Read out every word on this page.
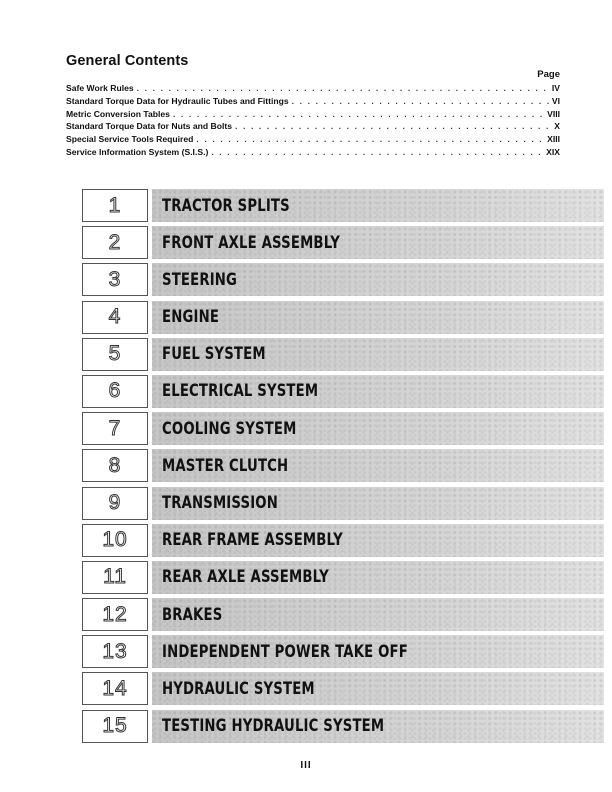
General Contents
Page
Safe Work Rules . . .	IV
Standard Torque Data for Hydraulic Tubes and Fittings . . .	VI
Metric Conversion Tables . . .	VIII
Standard Torque Data for Nuts and Bolts . . .	X
Special Service Tools Required . . .	XIII
Service Information System (S.I.S.) . . .	XIX
1	TRACTOR SPLITS
2	FRONT AXLE ASSEMBLY
3	STEERING
4	ENGINE
5	FUEL SYSTEM
6	ELECTRICAL SYSTEM
7	COOLING SYSTEM
8	MASTER CLUTCH
9	TRANSMISSION
10	REAR FRAME ASSEMBLY
11	REAR AXLE ASSEMBLY
12	BRAKES
13	INDEPENDENT POWER TAKE OFF
14	HYDRAULIC SYSTEM
15	TESTING HYDRAULIC SYSTEM
III
